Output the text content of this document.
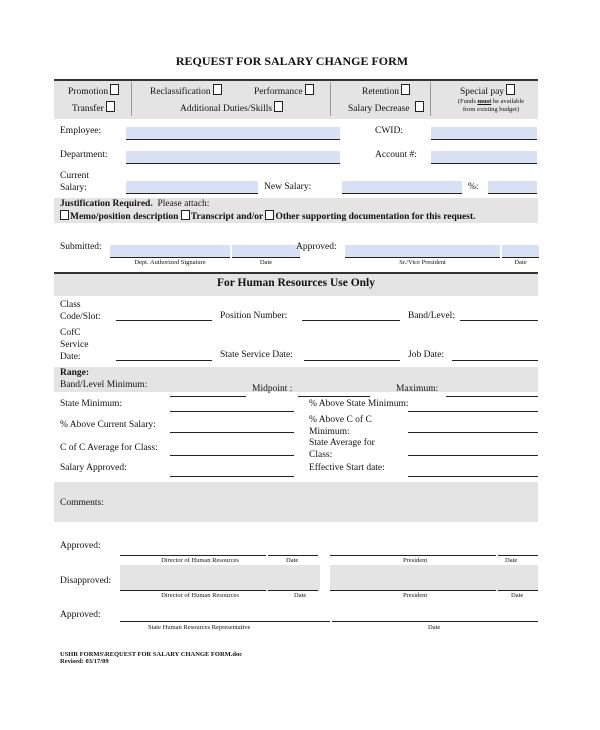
REQUEST FOR SALARY CHANGE FORM
Promotion
Transfer
Reclassification
Additional Duties/Skills
Performance	Retention
Salary Decrease
Special pay
(Funds must be available
from existing budget)
Employee:	CWID:
Department:	Account #:
Current
Salary:	New Salary:	%:
Justification Required. Please attach:
Memo/position description Transcript and/or Other supporting documentation for this request.
Submitted:	Approved:
Dept. Authorized Signature	Date	Sr./Vice President	Date
For Human Resources Use Only
Class
Code/Slot:	Position Number:	Band/Level:
CofC
Service
Date:	State Service Date:	Job Date:
Range:
Band/Level Minimum:	Midpoint :	Maximum:
State Minimum:	% Above State Minimum:
% Above Current Salary:	% Above C of C
Minimum:
C of C Average for Class:	State Average for
Class:
Salary Approved:	Effective Start date:
Comments:
Approved:
Director of Human Resources	Date	President	Date
Disapproved:
Director of Human Resources	Date	President	Date
Approved:
State Human Resources Representative	Date
USHR FORMS\REQUEST FOR SALARY CHANGE FORM.doc
Revised: 03/17/09
